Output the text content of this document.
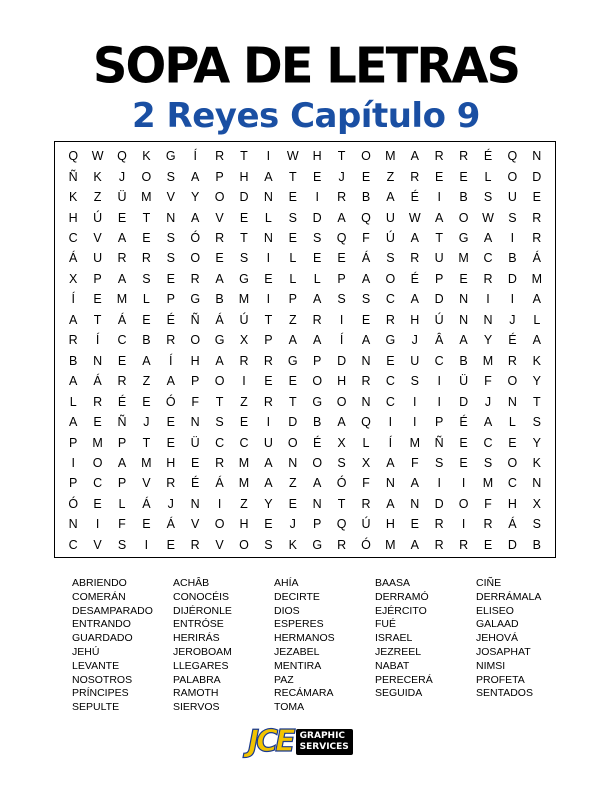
SOPA DE LETRAS
2 Reyes Capítulo 9
Q	W	Q	K	G	Í	R	T	I	W	H	T	O	M	A	R	R	É	Q	N
Ñ	K	J	O	S	A	P	H	A	T	E	J	E	Z	R	E	E	L	O	D
K	Z	Ü	M	V	Y	O	D	N	E	I	R	B	A	É	I	B	S	U	E
H	Ú	E	T	N	A	V	E	L	S	D	A	Q	U	W	A	O	W	S	R
C	V	A	E	S	Ó	R	T	N	E	S	Q	F	Ú	A	T	G	A	I	R
Á	U	R	R	S	O	E	S	I	L	E	E	Á	S	R	U	M	C	B	Á
X	P	A	S	E	R	A	G	E	L	L	P	A	O	É	P	E	R	D	M
Í	E	M	L	P	G	B	M	I	P	A	S	S	C	A	D	N	I	I	A
A	T	Á	E	É	Ñ	Á	Ú	T	Z	R	I	E	R	H	Ú	N	N	J	L
R	Í	C	B	R	O	G	X	P	A	A	Í	A	G	J	Â	A	Y	É	A
B	N	E	A	Í	H	A	R	R	G	P	D	N	E	U	C	B	M	R	K
A	Á	R	Z	A	P	O	I	E	E	O	H	R	C	S	I	Ü	F	O	Y
L	R	É	E	Ó	F	T	Z	R	T	G	O	N	C	I	I	D	J	N	T
A	E	Ñ	J	E	N	S	E	I	D	B	A	Q	I	I	P	É	A	L	S
P	M	P	T	E	Ü	C	C	U	O	É	X	L	Í	M	Ñ	E	C	E	Y
I	O	A	M	H	E	R	M	A	N	O	S	X	A	F	S	E	S	O	K
P	C	P	V	R	É	Á	M	A	Z	A	Ó	F	N	A	I	I	M	C	N
Ó	E	L	Á	J	N	I	Z	Y	E	N	T	R	A	N	D	O	F	H	X
N	I	F	E	Á	V	O	H	E	J	P	Q	Ú	H	E	R	I	R	Á	S
C	V	S	I	E	R	V	O	S	K	G	R	Ó	M	A	R	R	E	D	B
ABRIENDO	ACHÂB	AHÍA	BAASA	CIÑE
COMERÁN	CONOCÉIS	DECIRTE	DERRAMÓ	DERRÁMALA
DESAMPARADO	DIJÉRONLE	DIOS	EJÉRCITO	ELISEO
ENTRANDO	ENTRÓSE	ESPERES	FUÉ	GALAAD
GUARDADO	HERIRÁS	HERMANOS	ISRAEL	JEHOVÁ
JEHÚ	JEROBOAM	JEZABEL	JEZREEL	JOSAPHAT
LEVANTE	LLEGARES	MENTIRA	NABAT	NIMSI
NOSOTROS	PALABRA	PAZ	PERECERÁ	PROFETA
PRÍNCIPES	RAMOTH	RECÁMARA	SEGUIDA	SENTADOS
SEPULTE	SIERVOS	TOMA
JCE GRAPHIC
SERVICES
